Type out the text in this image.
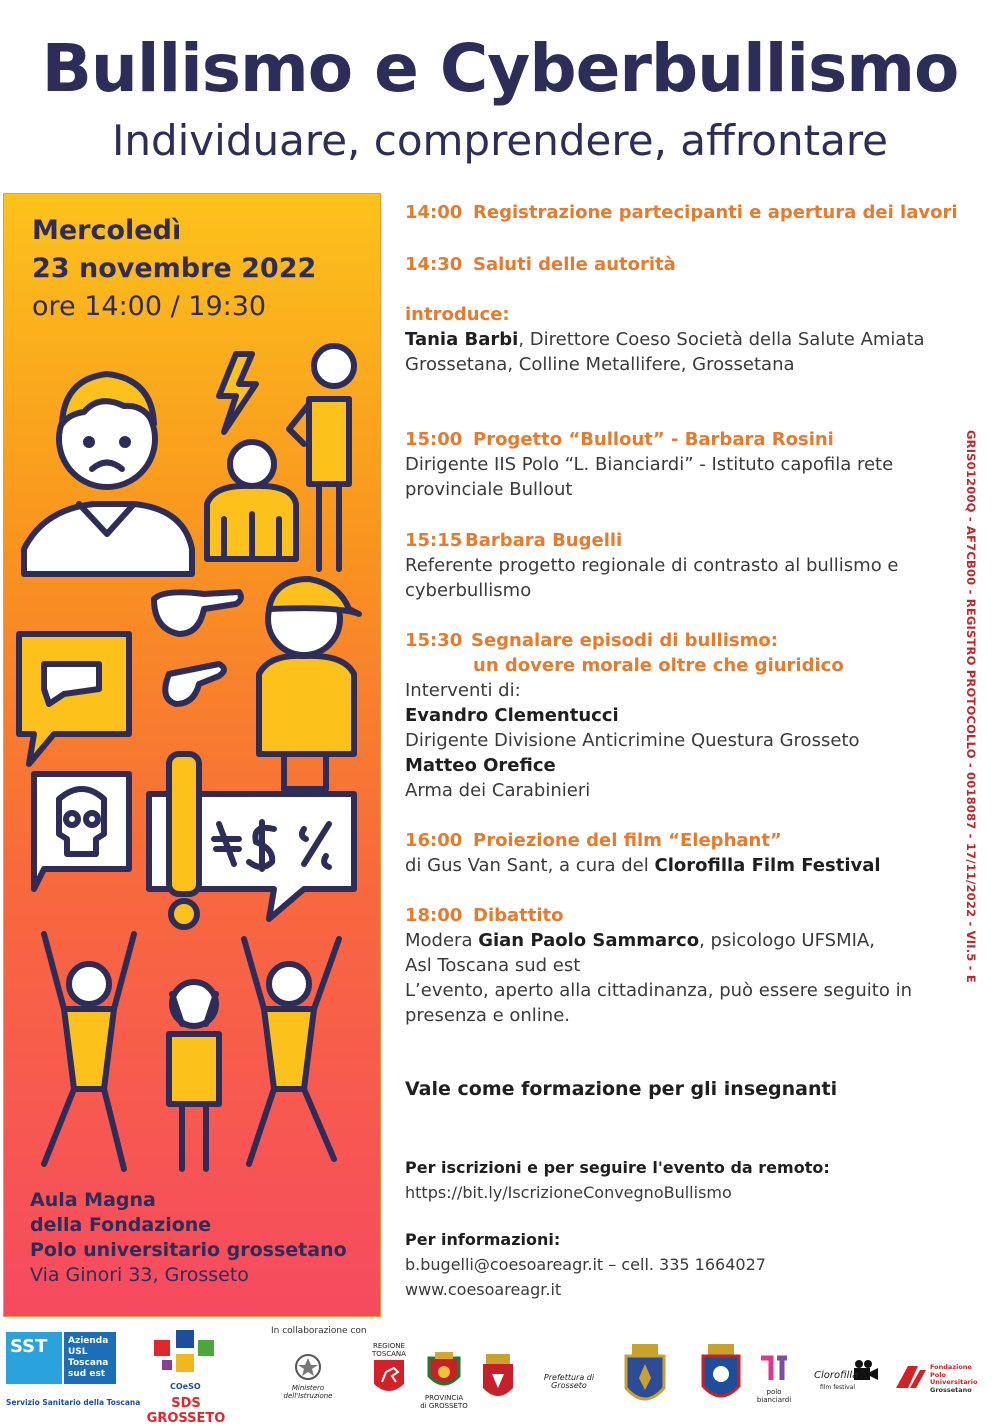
Bullismo e Cyberbullismo
Individuare, comprendere, affrontare
Mercoledì
23 novembre 2022
ore 14:00 / 19:30
Aula Magna
della Fondazione
Polo universitario grossetano
Via Ginori 33, Grosseto
14:00 Registrazione partecipanti e apertura dei lavori
14:30 Saluti delle autorità
introduce:
Tania Barbi, Direttore Coeso Società della Salute Amiata Grossetana, Colline Metallifere, Grossetana
15:00 Progetto “Bullout” - Barbara Rosini
Dirigente IIS Polo “L. Bianciardi” - Istituto capofila rete provinciale Bullout
15:15 Barbara Bugelli
Referente progetto regionale di contrasto al bullismo e cyberbullismo
15:30 Segnalare episodi di bullismo:
un dovere morale oltre che giuridico
Interventi di:
Evandro Clementucci
Dirigente Divisione Anticrimine Questura Grosseto
Matteo Orefice
Arma dei Carabinieri
16:00 Proiezione del film “Elephant”
di Gus Van Sant, a cura del Clorofilla Film Festival
18:00 Dibattito
Modera Gian Paolo Sammarco, psicologo UFSMIA,
Asl Toscana sud est
L’evento, aperto alla cittadinanza, può essere seguito in presenza e online.
Vale come formazione per gli insegnanti
Per iscrizioni e per seguire l'evento da remoto:
https://bit.ly/IscrizioneConvegnoBullismo
Per informazioni:
b.bugelli@coesoareagr.it – cell. 335 1664027
www.coesoareagr.it
GRIS01200Q - AF7CB00 - REGISTRO PROTOCOLLO - 0018087 - 17/11/2022 - VII.5 - E
In collaborazione con
SST	Azienda
USL
Toscana
sud est
Servizio Sanitario della Toscana
COeSO
SDS GROSSETO
Ministero dell'Istruzione
REGIONE
TOSCANA
PROVINCIA
di GROSSETO
Prefettura di Grosseto
polo
bianciardi
Clorofilla
film festival
Fondazione
Polo Universitario
Grossetano
